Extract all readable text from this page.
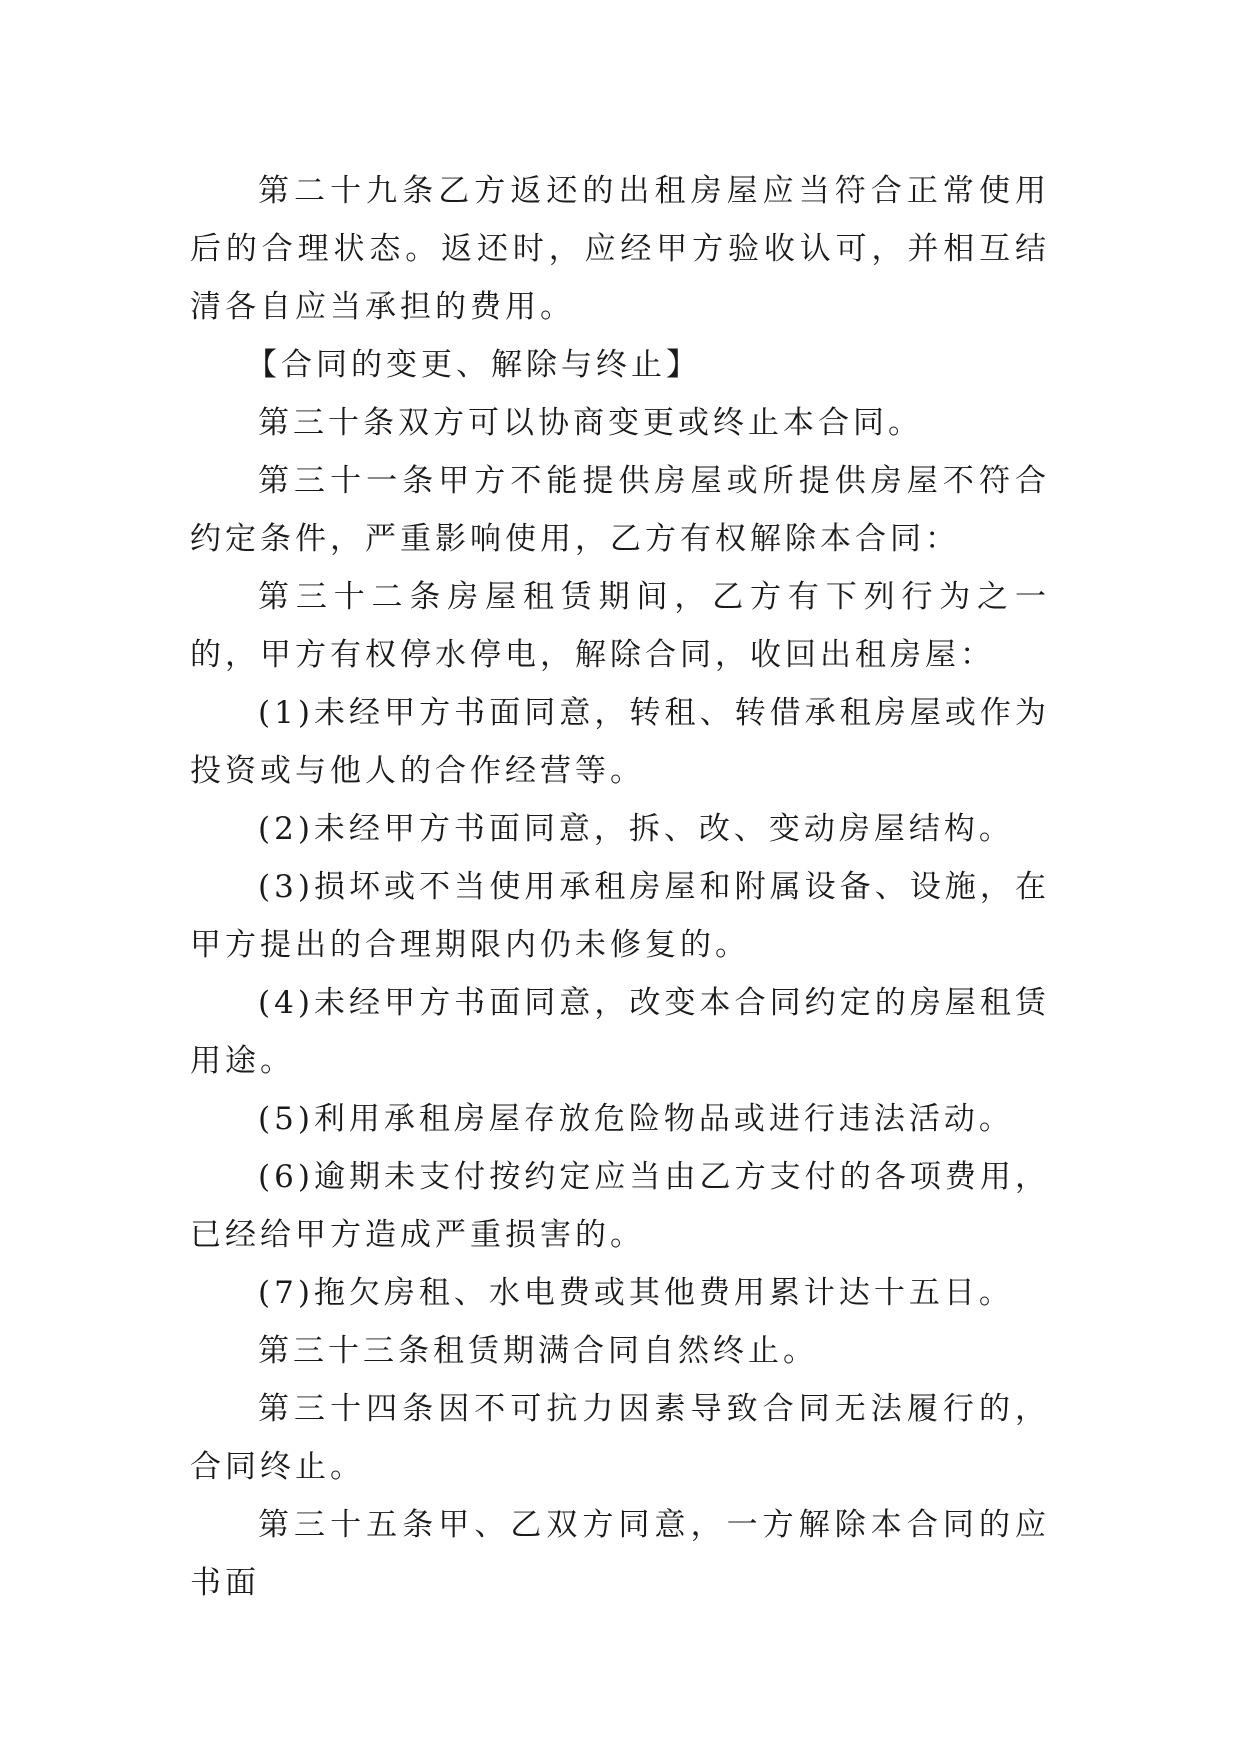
第二十九条乙方返还的出租房屋应当符合正常使用后的合理状态。返还时，应经甲方验收认可，并相互结清各自应当承担的费用。

【合同的变更、解除与终止】

第三十条双方可以协商变更或终止本合同。

第三十一条甲方不能提供房屋或所提供房屋不符合约定条件，严重影响使用，乙方有权解除本合同：

第三十二条房屋租赁期间，乙方有下列行为之一的，甲方有权停水停电，解除合同，收回出租房屋：

(1)未经甲方书面同意，转租、转借承租房屋或作为投资或与他人的合作经营等。

(2)未经甲方书面同意，拆、改、变动房屋结构。

(3)损坏或不当使用承租房屋和附属设备、设施，在甲方提出的合理期限内仍未修复的。

(4)未经甲方书面同意，改变本合同约定的房屋租赁用途。

(5)利用承租房屋存放危险物品或进行违法活动。

(6)逾期未支付按约定应当由乙方支付的各项费用，已经给甲方造成严重损害的。

(7)拖欠房租、水电费或其他费用累计达十五日。

第三十三条租赁期满合同自然终止。

第三十四条因不可抗力因素导致合同无法履行的，合同终止。

第三十五条甲、乙双方同意，一方解除本合同的应书面
